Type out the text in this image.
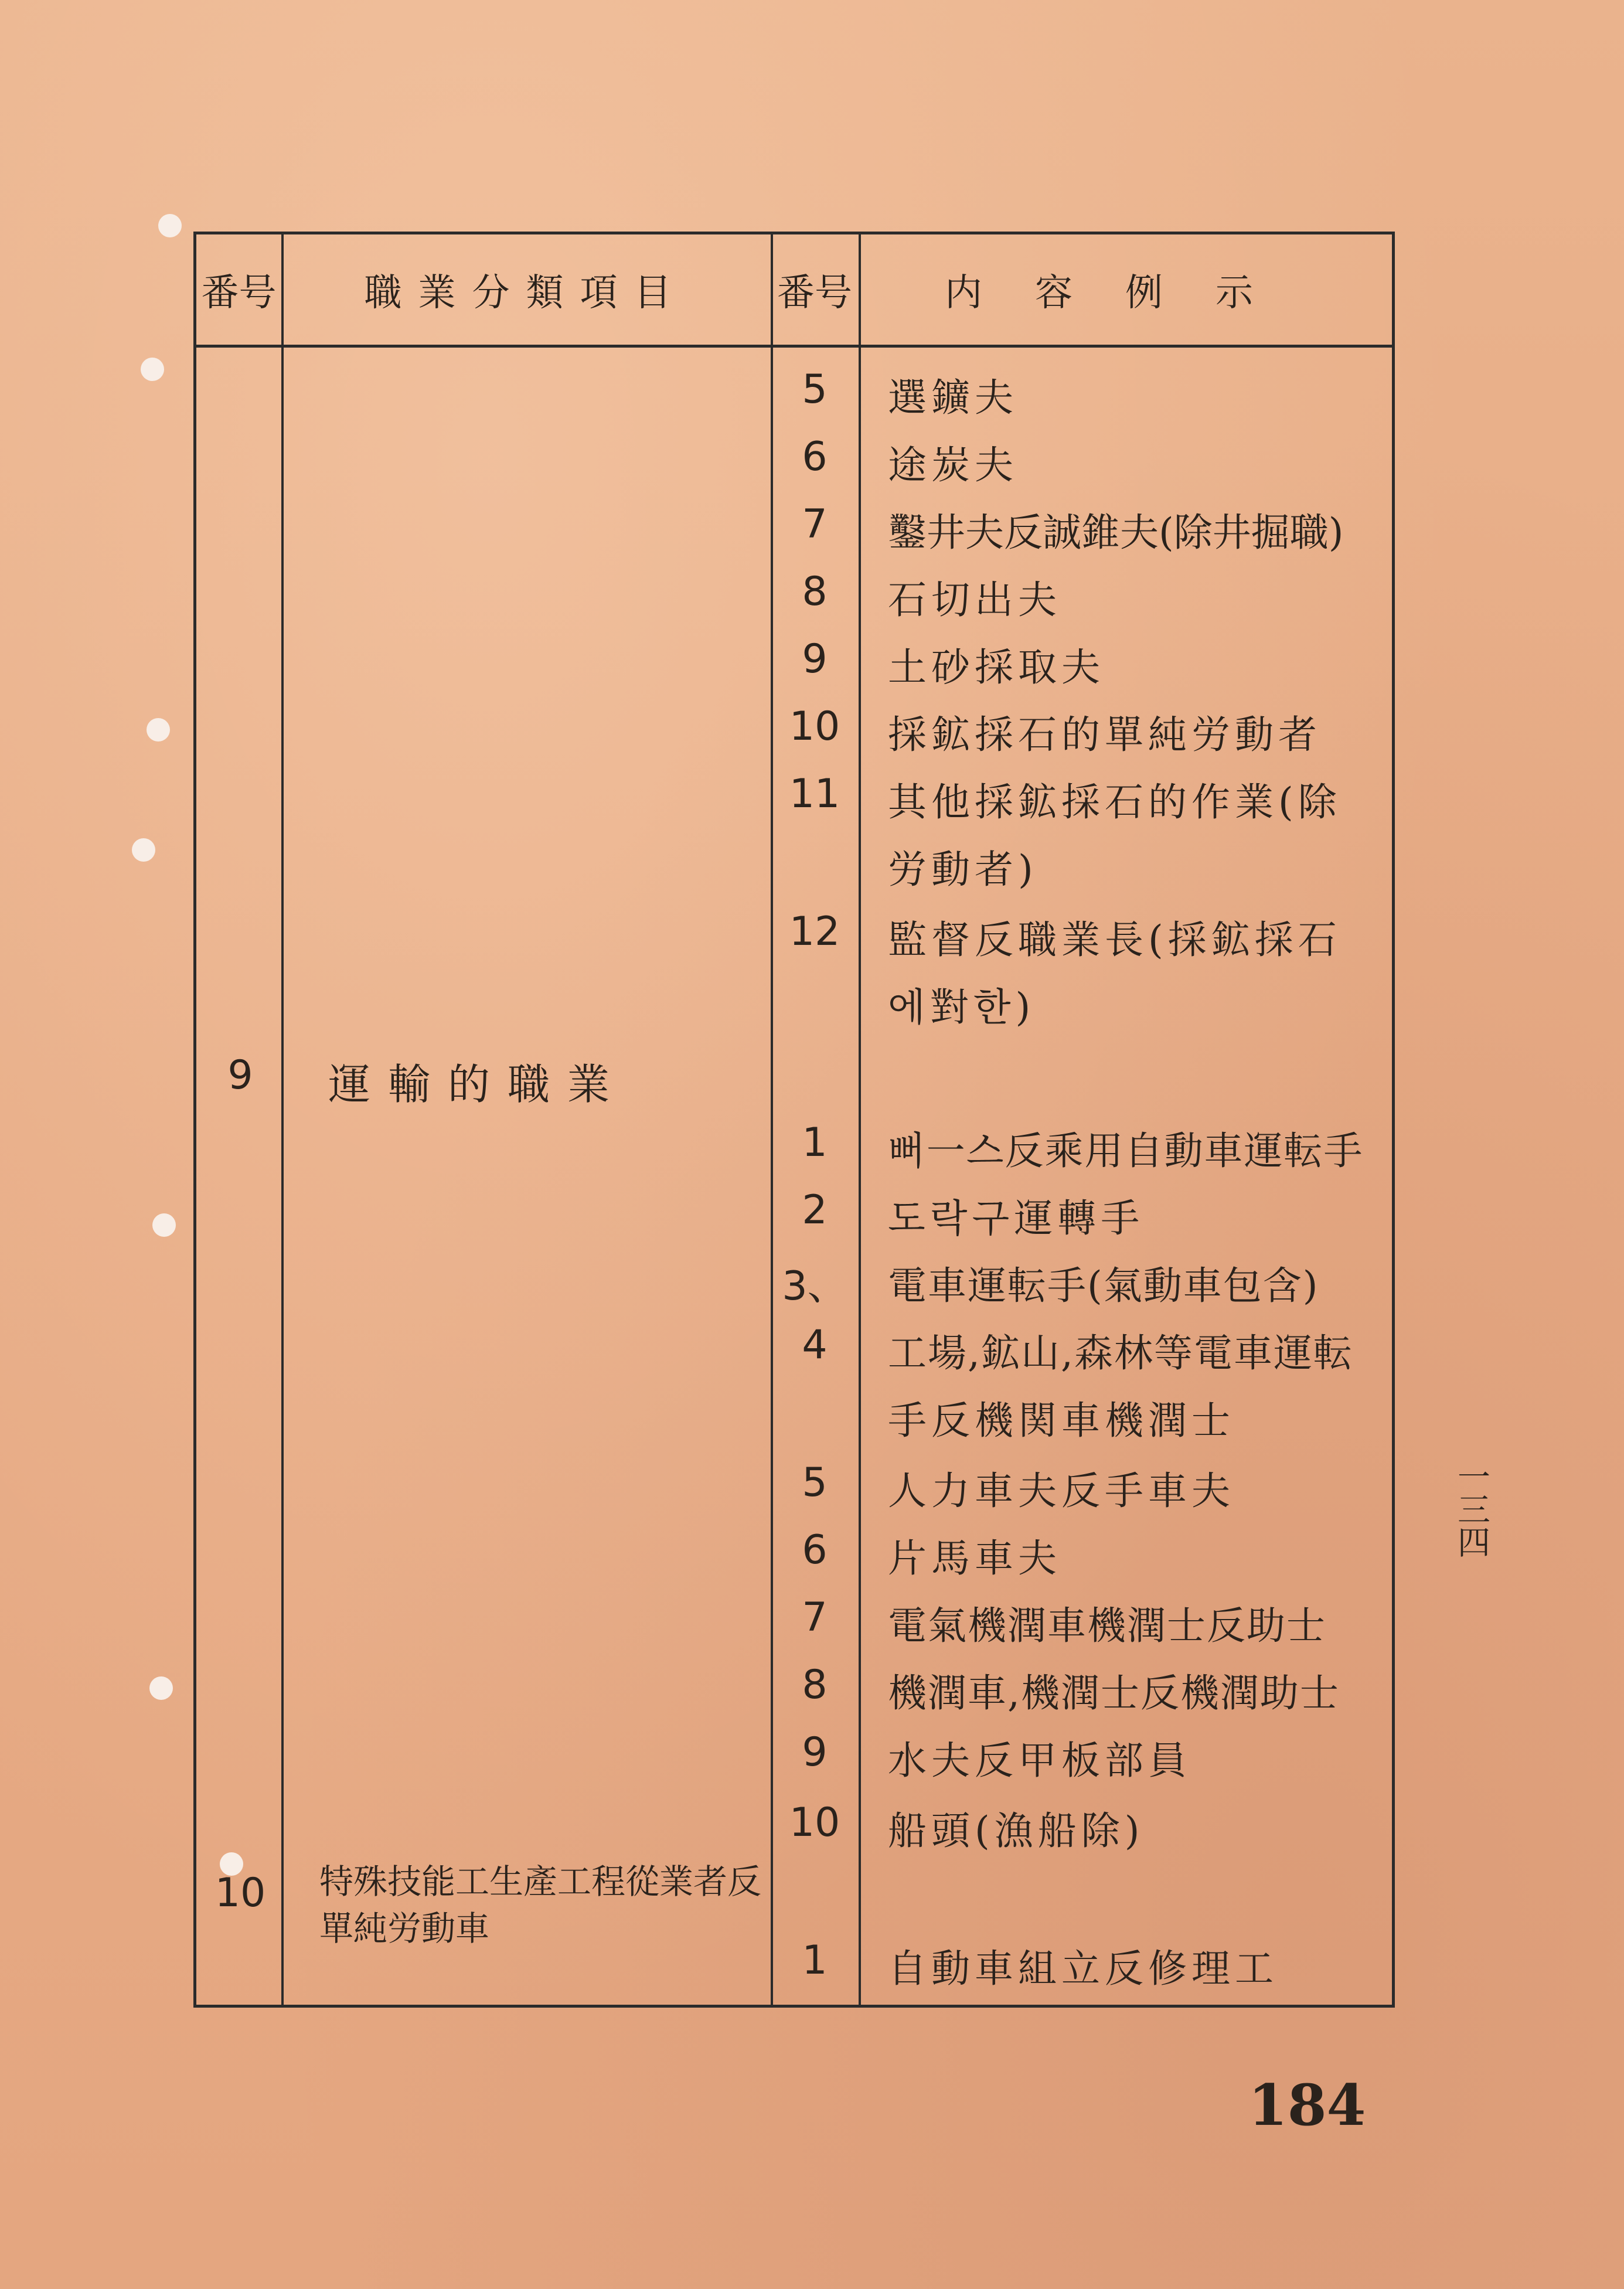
番号	職業分類項目	番号	内容例示
5	選鑛夫
6	途炭夫
7	鑿井夫反誠錐夫(除井掘職)
8	石切出夫
9	土砂採取夫
10	採鉱採石的單純労動者
11	其他採鉱採石的作業(除
労動者)
12	監督反職業長(採鉱採石
에對한)
9	運輸的職業
1	뻐一스反乘用自動車運転手
2	도락구運轉手
3、 電車運転手(氣動車包含)
4	工場,鉱山,森林等電車運転
手反機関車機潤士
5	人力車夫反手車夫
6	片馬車夫
7	電氣機潤車機潤士反助士
8	機潤車,機潤士反機潤助士
9	水夫反甲板部員
10	船頭(漁船除)
10	特殊技能工生產工程從業者反單純労動車
1	自動車組立反修理工
一三四
184
